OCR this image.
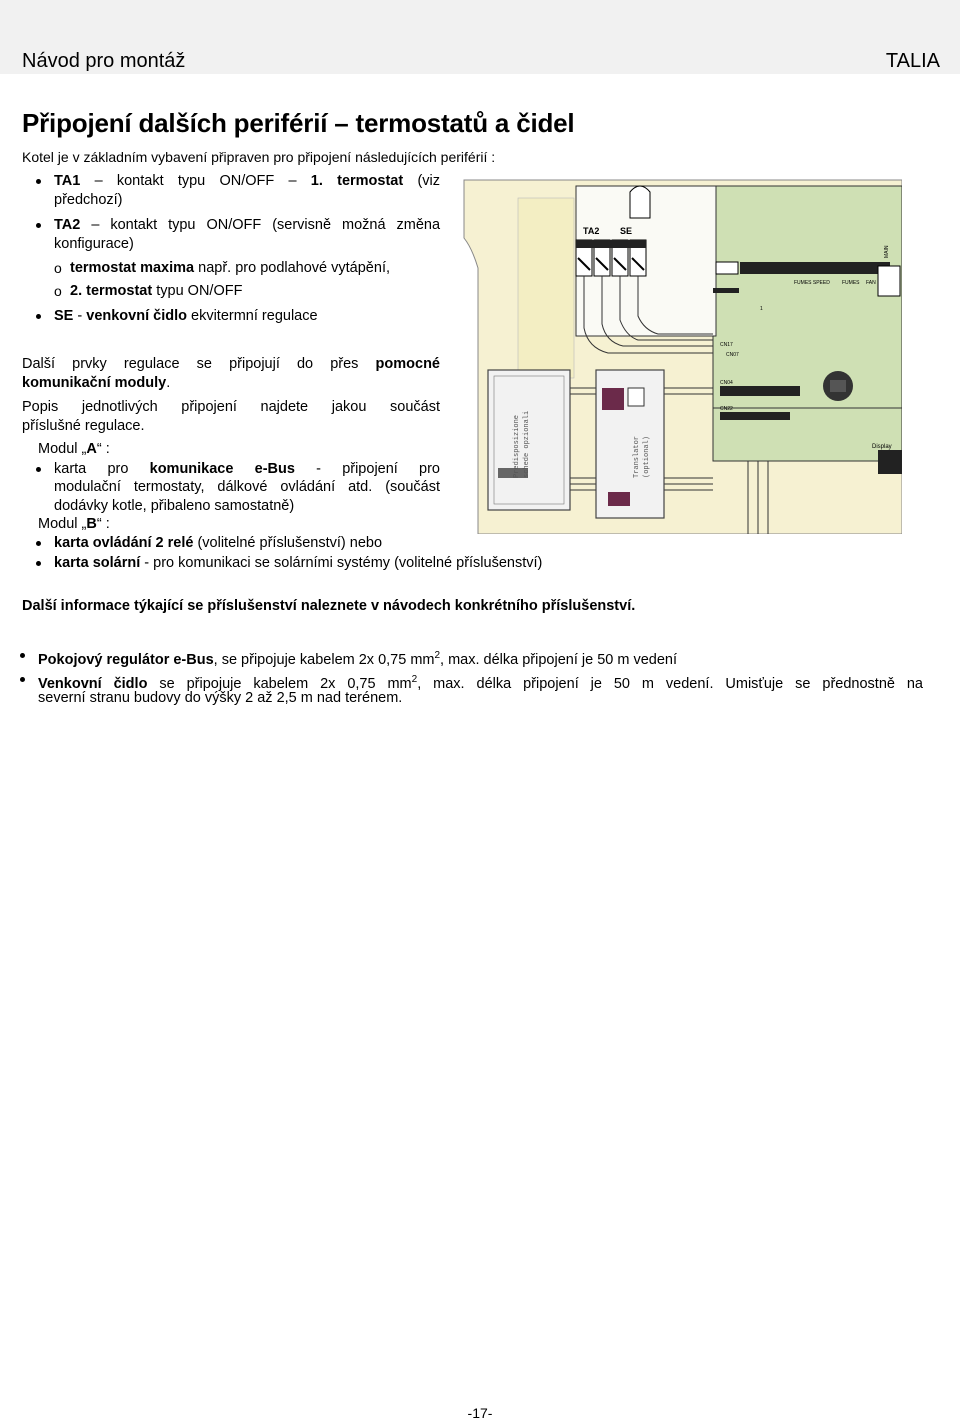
Návod pro montáž	TALIA
Připojení dalších periférií – termostatů a čidel
Kotel je v základním vybavení připraven pro připojení následujících periférií :
TA1 – kontakt typu ON/OFF – 1. termostat (viz
předchozí)
TA2 – kontakt typu ON/OFF (servisně možná změna
konfigurace)
o termostat maxima např. pro podlahové vytápění,
o 2. termostat typu ON/OFF
SE - venkovní čidlo ekvitermní regulace
Další prvky regulace se připojují do přes pomocné
komunikační moduly.
Popis jednotlivých připojení najdete jakou součást
příslušné regulace.
Modul „A“ :
karta pro komunikace e-Bus - připojení pro
modulační termostaty, dálkové ovládání atd. (součást
dodávky kotle, přibaleno samostatně)
Modul „B“ :
karta ovládání 2 relé (volitelné příslušenství) nebo
karta solární - pro komunikaci se solárními systémy (volitelné příslušenství)
Další informace týkající se příslušenství naleznete v návodech konkrétního příslušenství.
Pokojový regulátor e-Bus, se připojuje kabelem 2x 0,75 $mm^2$, max. délka připojení je 50 m vedení
Venkovní čidlo se připojuje kabelem 2x 0,75 $mm^2$, max. délka připojení je 50 m vedení. Umisťuje se přednostně na
severní stranu budovy do výšky 2 až 2,5 m nad terénem.
TA2 SE
FUMES SPEED FUMES FAN
1
CN17
CN07
CN04
CN22
Display
MAIN
Predisposizione schede opzionali	Translator (optional)
-17-
